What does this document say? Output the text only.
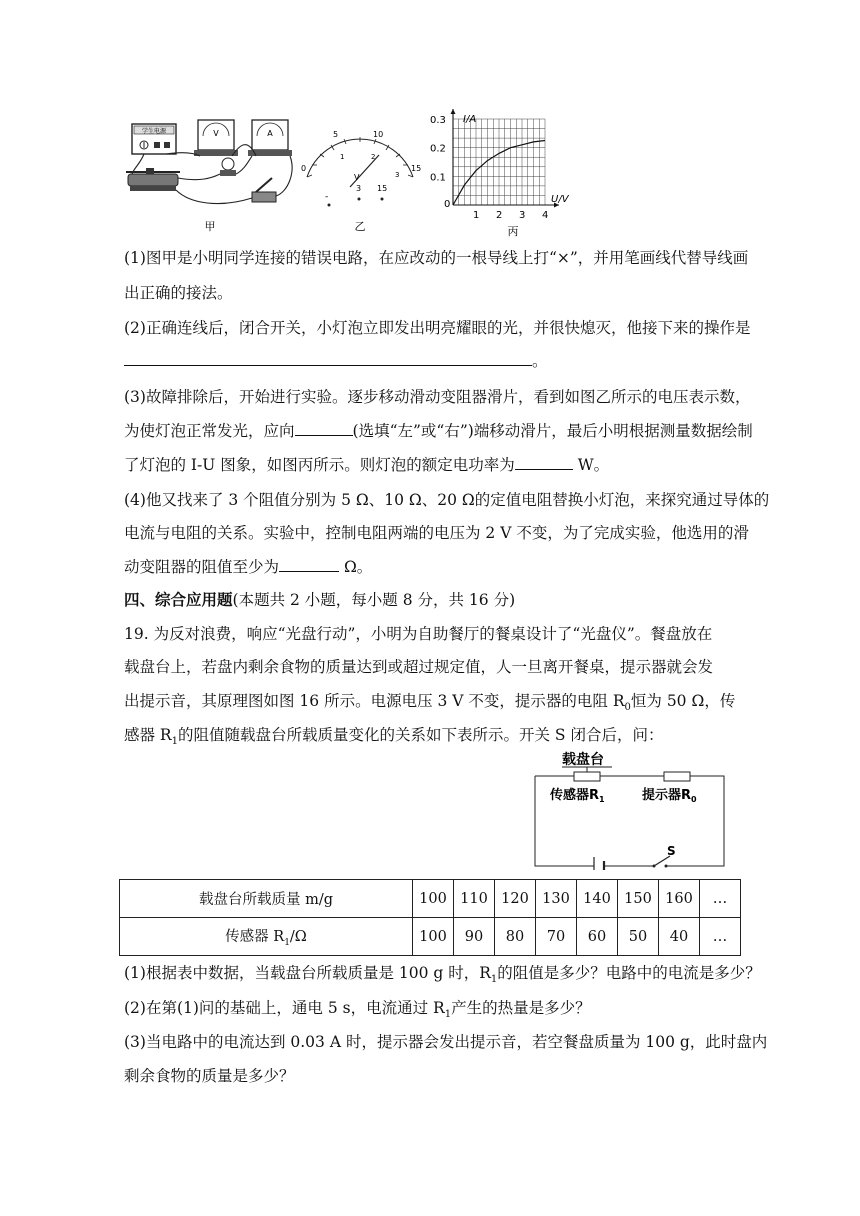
学生电源	V	A
甲
0
5	10
15
1	2
3
V
-
3 15
乙
0
1 2 3 4
0.1
0.2
0.3 I/A
U/V
丙
(1)图甲是小明同学连接的错误电路，在应改动的一根导线上打“×”，并用笔画线代替导线画
出正确的接法。
(2)正确连线后，闭合开关，小灯泡立即发出明亮耀眼的光，并很快熄灭，他接下来的操作是
。
(3)故障排除后，开始进行实验。逐步移动滑动变阻器滑片，看到如图乙所示的电压表示数，
为使灯泡正常发光，应向	(选填“左”或“右”)端移动滑片，最后小明根据测量数据绘制
了灯泡的 I-U 图象，如图丙所示。则灯泡的额定电功率为	W。
(4)他又找来了 3 个阻值分别为 5 Ω、10 Ω、20 Ω的定值电阻替换小灯泡，来探究通过导体的
电流与电阻的关系。实验中，控制电阻两端的电压为 2 V 不变，为了完成实验，他选用的滑
动变阻器的阻值至少为	Ω。
四、综合应用题(本题共 2 小题，每小题 8 分，共 16 分)
19. 为反对浪费，响应“光盘行动”，小明为自助餐厅的餐桌设计了“光盘仪”。餐盘放在
载盘台上，若盘内剩余食物的质量达到或超过规定值，人一旦离开餐桌，提示器就会发
出提示音，其原理图如图 16 所示。电源电压 3 V 不变，提示器的电阻 $R_0$恒为 50 Ω，传
感器 $R_1$的阻值随载盘台所载质量变化的关系如下表所示。开关 S 闭合后，问：
载盘台
传感器$R_1$	提示器$R_0$
S
载盘台所载质量 m/g	100	110	120	130	140	150	160	…
传感器 $R_1/\Omega$	100	90	80	70	60	50	40	…
(1)根据表中数据，当载盘台所载质量是 100 g 时，$R_1$的阻值是多少？电路中的电流是多少？
(2)在第(1)问的基础上，通电 5 s，电流通过 $R_1$产生的热量是多少？
(3)当电路中的电流达到 0.03 A 时，提示器会发出提示音，若空餐盘质量为 100 g，此时盘内
剩余食物的质量是多少？
